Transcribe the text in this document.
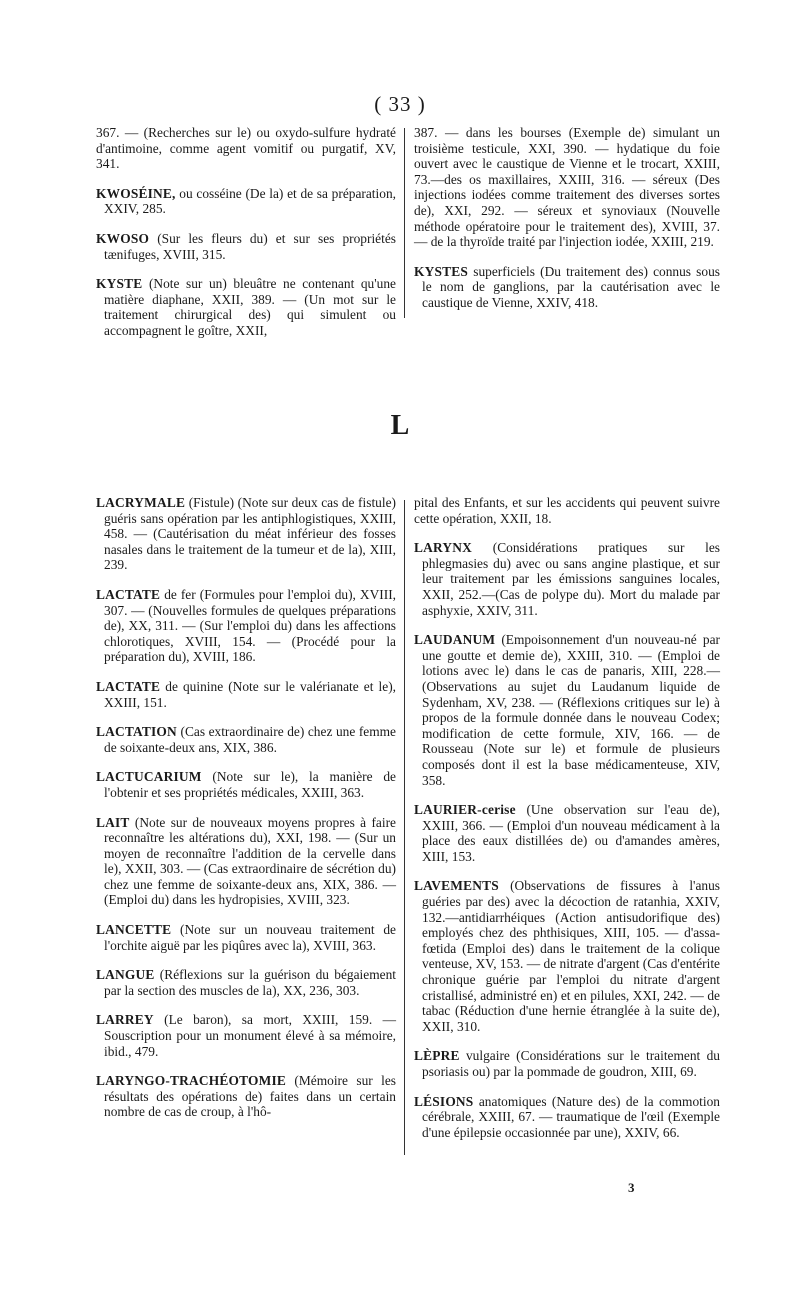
( 33 )

367. — (Recherches sur le) ou oxydo-sulfure hydraté d'antimoine, comme agent vomitif ou purgatif, XV, 341.

KWOSÉINE, ou cosséine (De la) et de sa préparation, XXIV, 285.

KWOSO (Sur les fleurs du) et sur ses propriétés tænifuges, XVIII, 315.

KYSTE (Note sur un) bleuâtre ne contenant qu'une matière diaphane, XXII, 389. — (Un mot sur le traitement chirurgical des) qui simulent ou accompagnent le goître, XXII,

387. — dans les bourses (Exemple de) simulant un troisième testicule, XXI, 390. — hydatique du foie ouvert avec le caustique de Vienne et le trocart, XXIII, 73.—des os maxillaires, XXIII, 316. — séreux (Des injections iodées comme traitement des diverses sortes de), XXI, 292. — séreux et synoviaux (Nouvelle méthode opératoire pour le traitement des), XVIII, 37. — de la thyroïde traité par l'injection iodée, XXIII, 219.

KYSTES superficiels (Du traitement des) connus sous le nom de ganglions, par la cautérisation avec le caustique de Vienne, XXIV, 418.

L

LACRYMALE (Fistule) (Note sur deux cas de fistule) guéris sans opération par les antiphlogistiques, XXIII, 458. — (Cautérisation du méat inférieur des fosses nasales dans le traitement de la tumeur et de la), XIII, 239.

LACTATE de fer (Formules pour l'emploi du), XVIII, 307. — (Nouvelles formules de quelques préparations de), XX, 311. — (Sur l'emploi du) dans les affections chlorotiques, XVIII, 154. — (Procédé pour la préparation du), XVIII, 186.

LACTATE de quinine (Note sur le valérianate et le), XXIII, 151.

LACTATION (Cas extraordinaire de) chez une femme de soixante-deux ans, XIX, 386.

LACTUCARIUM (Note sur le), la manière de l'obtenir et ses propriétés médicales, XXIII, 363.

LAIT (Note sur de nouveaux moyens propres à faire reconnaître les altérations du), XXI, 198. — (Sur un moyen de reconnaître l'addition de la cervelle dans le), XXII, 303. — (Cas extraordinaire de sécrétion du) chez une femme de soixante-deux ans, XIX, 386. — (Emploi du) dans les hydropisies, XVIII, 323.

LANCETTE (Note sur un nouveau traitement de l'orchite aiguë par les piqûres avec la), XVIII, 363.

LANGUE (Réflexions sur la guérison du bégaiement par la section des muscles de la), XX, 236, 303.

LARREY (Le baron), sa mort, XXIII, 159. — Souscription pour un monument élevé à sa mémoire, ibid., 479.

LARYNGO-TRACHÉOTOMIE (Mémoire sur les résultats des opérations de) faites dans un certain nombre de cas de croup, à l'hô-

pital des Enfants, et sur les accidents qui peuvent suivre cette opération, XXII, 18.

LARYNX (Considérations pratiques sur les phlegmasies du) avec ou sans angine plastique, et sur leur traitement par les émissions sanguines locales, XXII, 252.—(Cas de polype du). Mort du malade par asphyxie, XXIV, 311.

LAUDANUM (Empoisonnement d'un nouveau-né par une goutte et demie de), XXIII, 310. — (Emploi de lotions avec le) dans le cas de panaris, XIII, 228.—(Observations au sujet du Laudanum liquide de Sydenham, XV, 238. — (Réflexions critiques sur le) à propos de la formule donnée dans le nouveau Codex; modification de cette formule, XIV, 166. — de Rousseau (Note sur le) et formule de plusieurs composés dont il est la base médicamenteuse, XIV, 358.

LAURIER-cerise (Une observation sur l'eau de), XXIII, 366. — (Emploi d'un nouveau médicament à la place des eaux distillées de) ou d'amandes amères, XIII, 153.

LAVEMENTS (Observations de fissures à l'anus guéries par des) avec la décoction de ratanhia, XXIV, 132.—antidiarrhéiques (Action antisudorifique des) employés chez des phthisiques, XIII, 105. — d'assa-fœtida (Emploi des) dans le traitement de la colique venteuse, XV, 153. — de nitrate d'argent (Cas d'entérite chronique guérie par l'emploi du nitrate d'argent cristallisé, administré en) et en pilules, XXI, 242. — de tabac (Réduction d'une hernie étranglée à la suite de), XXII, 310.

LÈPRE vulgaire (Considérations sur le traitement du psoriasis ou) par la pommade de goudron, XIII, 69.

LÉSIONS anatomiques (Nature des) de la commotion cérébrale, XXIII, 67. — traumatique de l'œil (Exemple d'une épilepsie occasionnée par une), XXIV, 66.

3
